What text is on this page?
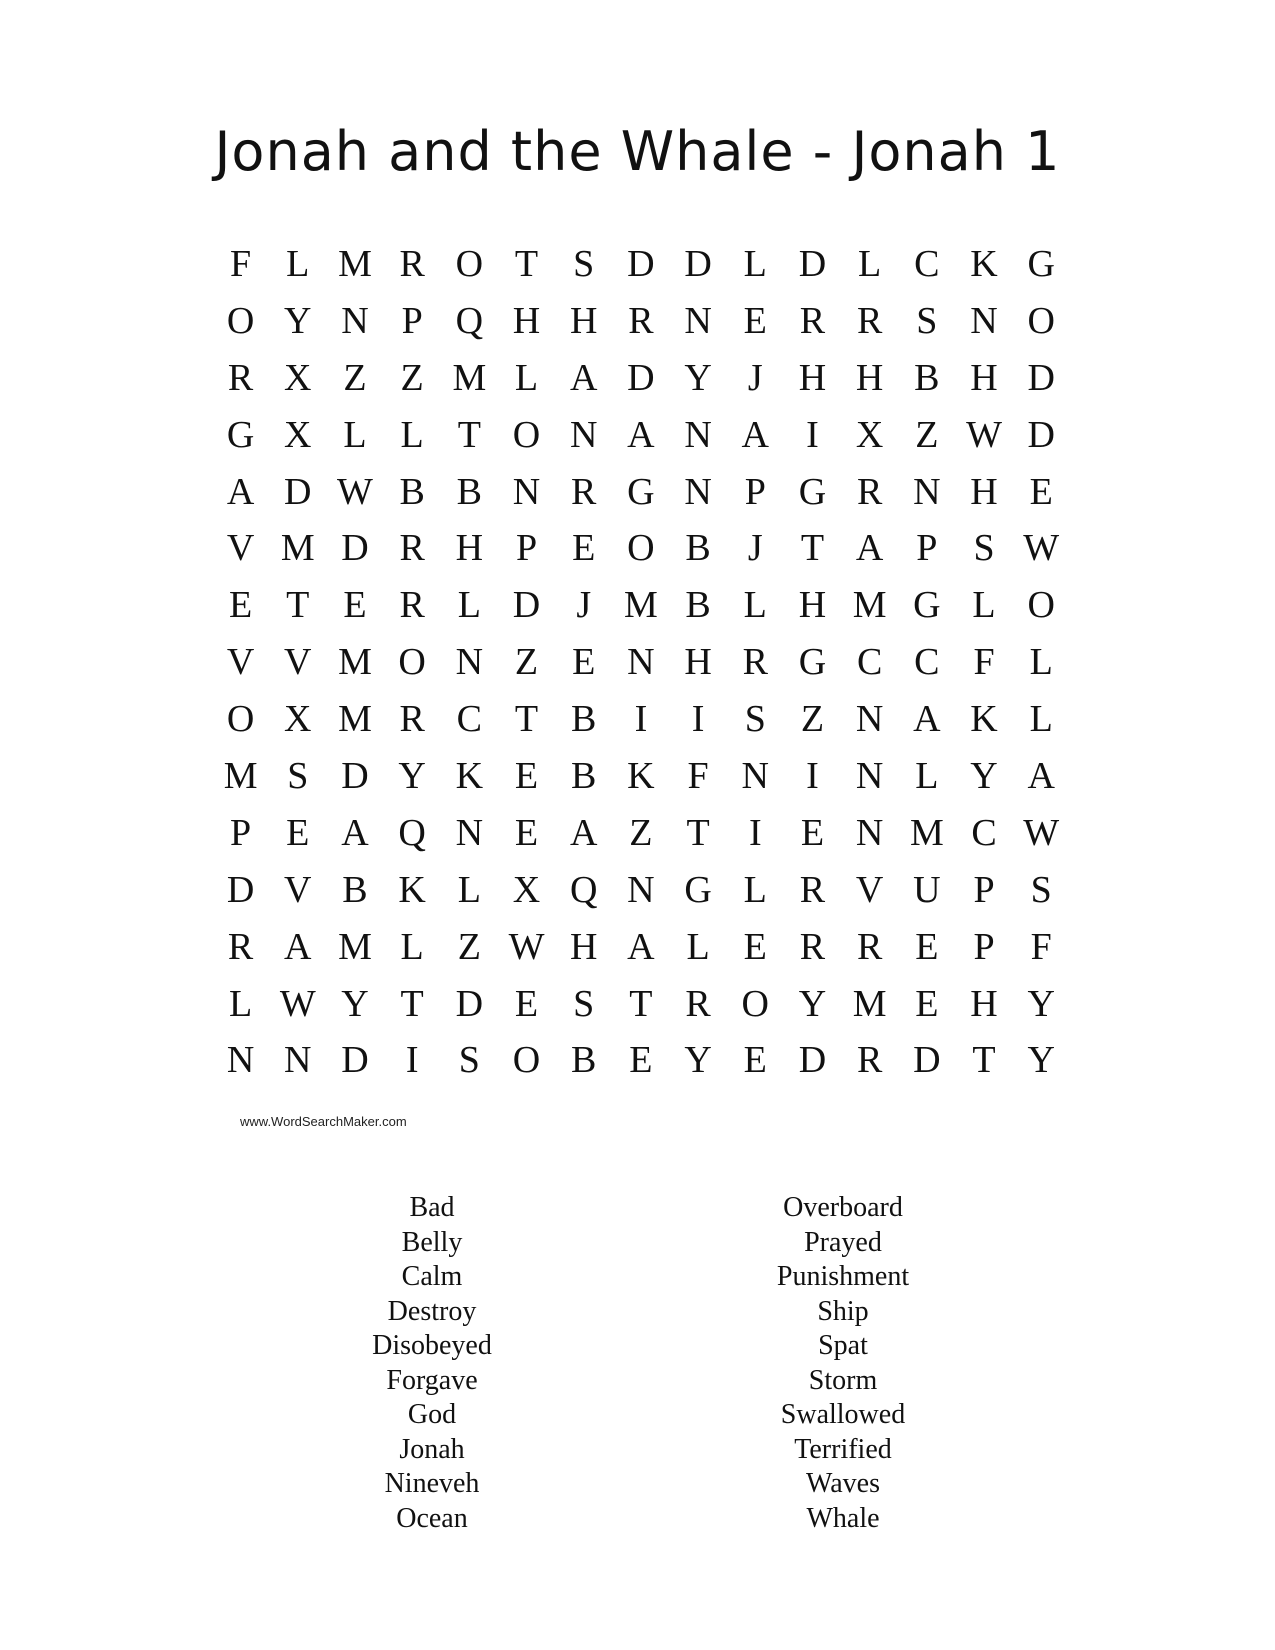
Jonah and the Whale - Jonah 1
F L M R O T S D D L D L C K G
O Y N P Q H H R N E R R S N O
R X Z Z M L A D Y J H H B H D
G X L L T O N A N A I X Z W D
A D W B B N R G N P G R N H E
V M D R H P E O B J	T A P S W
E T E R L D J M B L H M G L O
V V M O N Z E N H R G C C F L
O X M R C T B	I	I	S Z N A K L
M S D Y K E B K F N I N L Y A
P E A Q N E A Z T	I	E N M C W
D V B K L X Q N G L R V U P S
R A M L Z W H A L E R R E P F
L W Y T D E S T R O Y M E H Y
N N D I	S O B E Y E D R D T Y
www.WordSearchMaker.com
Bad
Belly
Calm
Destroy
Disobeyed
Forgave
God
Jonah
Nineveh
Ocean
Overboard
Prayed
Punishment
Ship
Spat
Storm
Swallowed
Terrified
Waves
Whale
